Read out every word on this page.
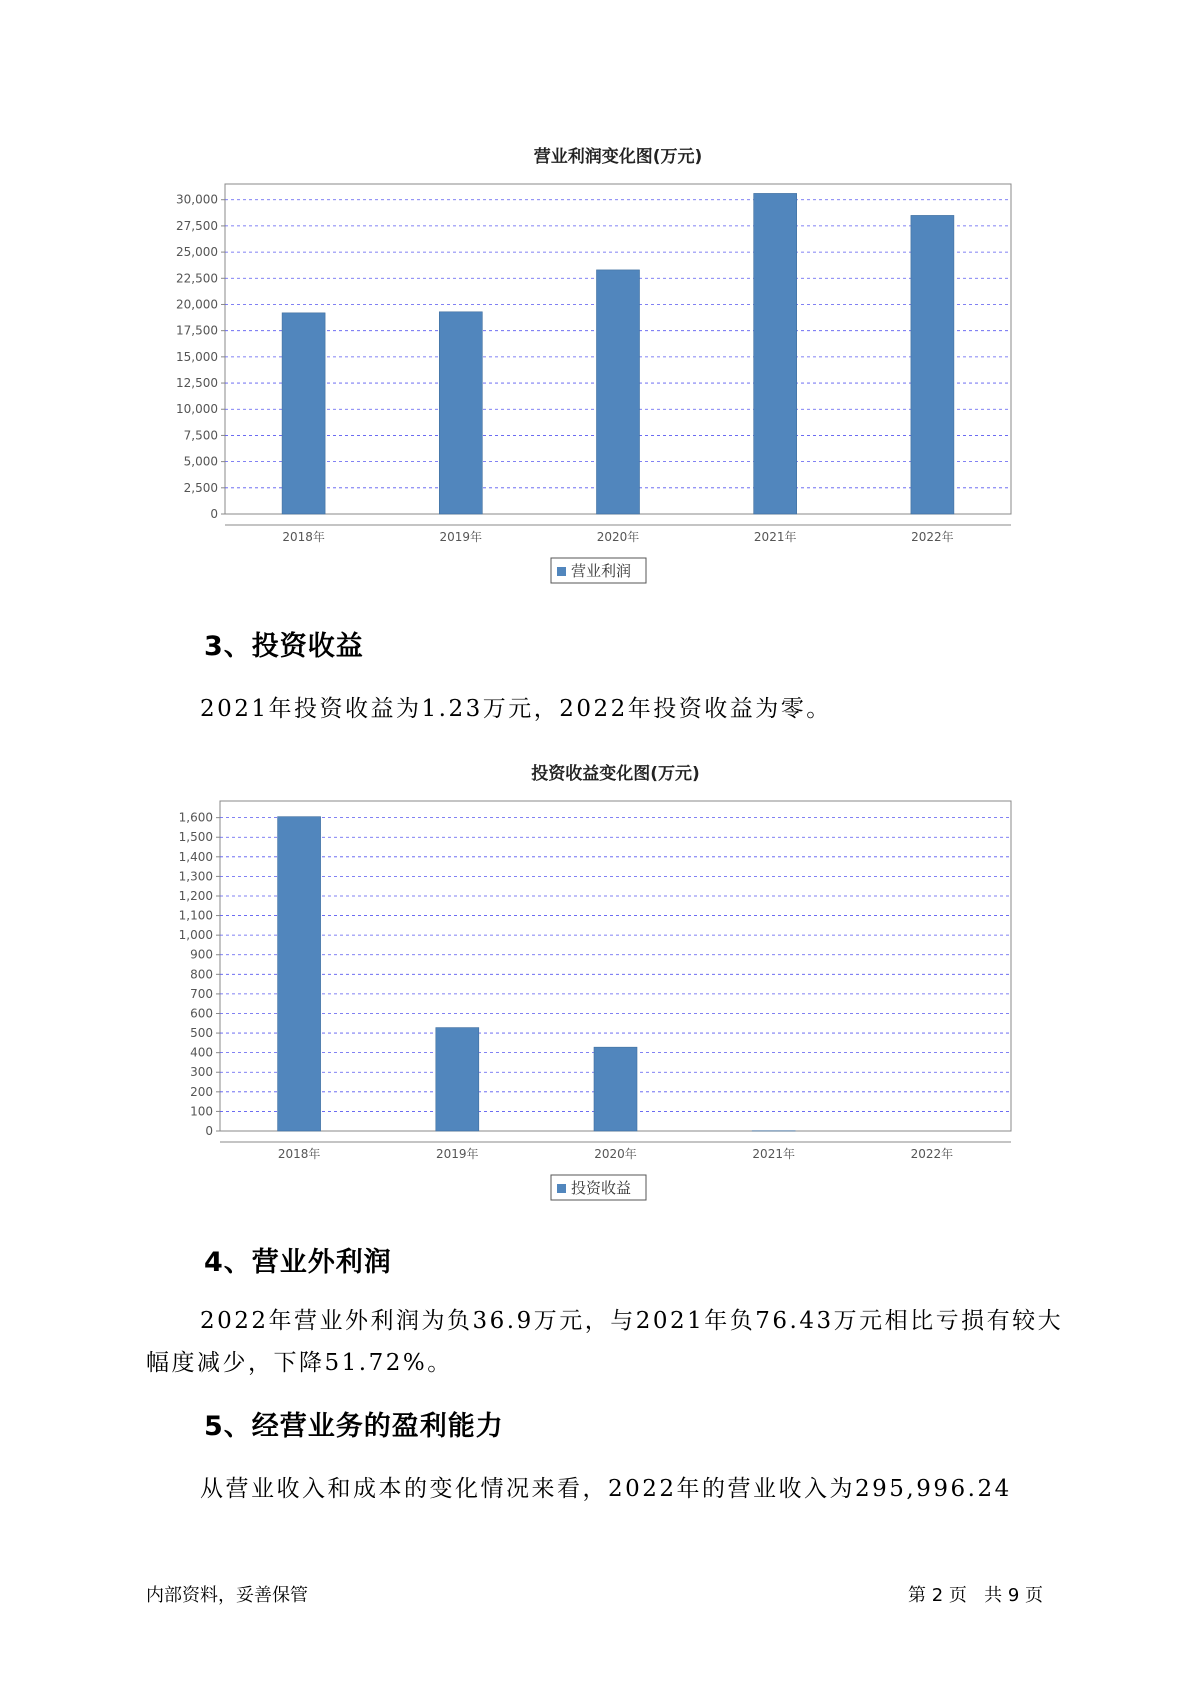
营业利润变化图(万元)
0
2,500
5,000
7,500
10,000
12,500
15,000
17,500
20,000
22,500
25,000
27,500
30,000
2018年	2019年	2020年	2021年	2022年
营业利润
3、投资收益

2021年投资收益为1.23万元，2022年投资收益为零。

投资收益变化图(万元)
0
100
200
300
400
500
600
700
800
900
1,000
1,100
1,200
1,300
1,400
1,500
1,600
2018年	2019年	2020年	2021年	2022年
投资收益
4、营业外利润

2022年营业外利润为负36.9万元，与2021年负76.43万元相比亏损有较大幅度减少，下降51.72%。

5、经营业务的盈利能力

从营业收入和成本的变化情况来看，2022年的营业收入为295,996.24

内部资料，妥善保管	第 2 页   共 9 页
